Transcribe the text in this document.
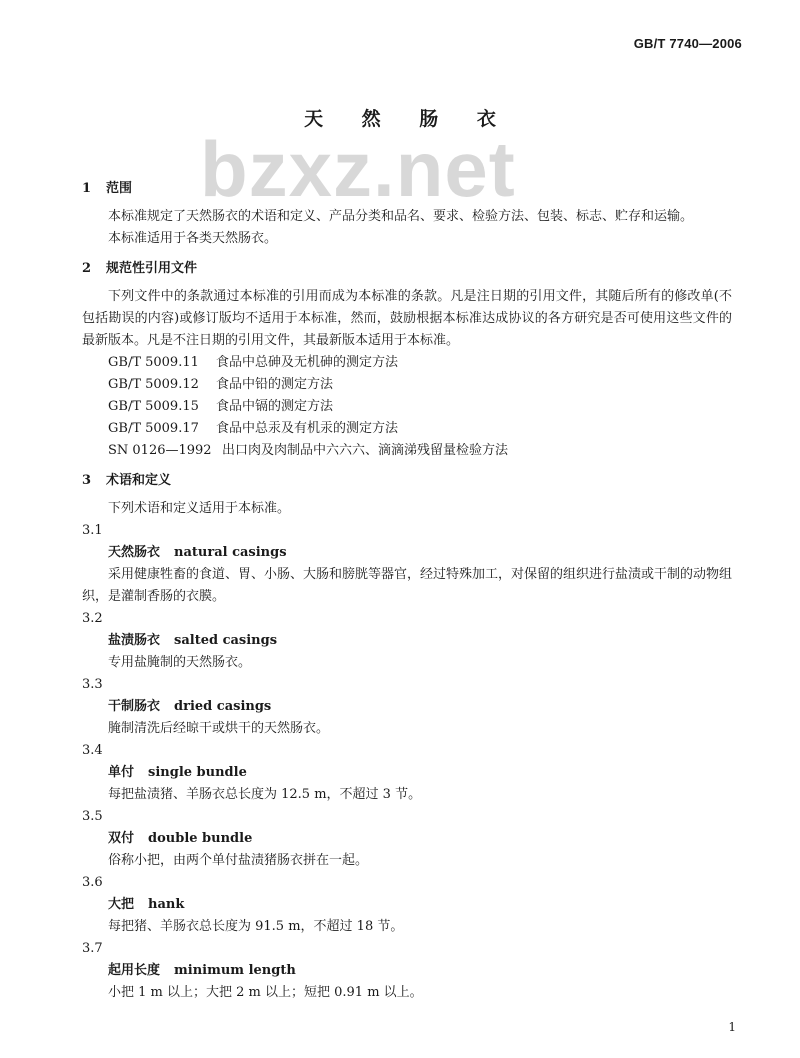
GB/T 7740—2006
天 然 肠 衣
bzxz.net
1 范围
本标准规定了天然肠衣的术语和定义、产品分类和品名、要求、检验方法、包装、标志、贮存和运输。
本标准适用于各类天然肠衣。
2 规范性引用文件
下列文件中的条款通过本标准的引用而成为本标准的条款。凡是注日期的引用文件，其随后所有的修改单(不包括勘误的内容)或修订版均不适用于本标准，然而，鼓励根据本标准达成协议的各方研究是否可使用这些文件的最新版本。凡是不注日期的引用文件，其最新版本适用于本标准。
GB/T 5009.11 食品中总砷及无机砷的测定方法
GB/T 5009.12 食品中铅的测定方法
GB/T 5009.15 食品中镉的测定方法
GB/T 5009.17 食品中总汞及有机汞的测定方法
SN 0126—1992 出口肉及肉制品中六六六、滴滴涕残留量检验方法
3 术语和定义
下列术语和定义适用于本标准。
3.1
天然肠衣 natural casings
采用健康牲畜的食道、胃、小肠、大肠和膀胱等器官，经过特殊加工，对保留的组织进行盐渍或干制的动物组织，是灌制香肠的衣膜。
3.2
盐渍肠衣 salted casings
专用盐腌制的天然肠衣。
3.3
干制肠衣 dried casings
腌制清洗后经晾干或烘干的天然肠衣。
3.4
单付 single bundle
每把盐渍猪、羊肠衣总长度为 12.5 m，不超过 3 节。
3.5
双付 double bundle
俗称小把，由两个单付盐渍猪肠衣拼在一起。
3.6
大把 hank
每把猪、羊肠衣总长度为 91.5 m，不超过 18 节。
3.7
起用长度 minimum length
小把 1 m 以上；大把 2 m 以上；短把 0.91 m 以上。
1
